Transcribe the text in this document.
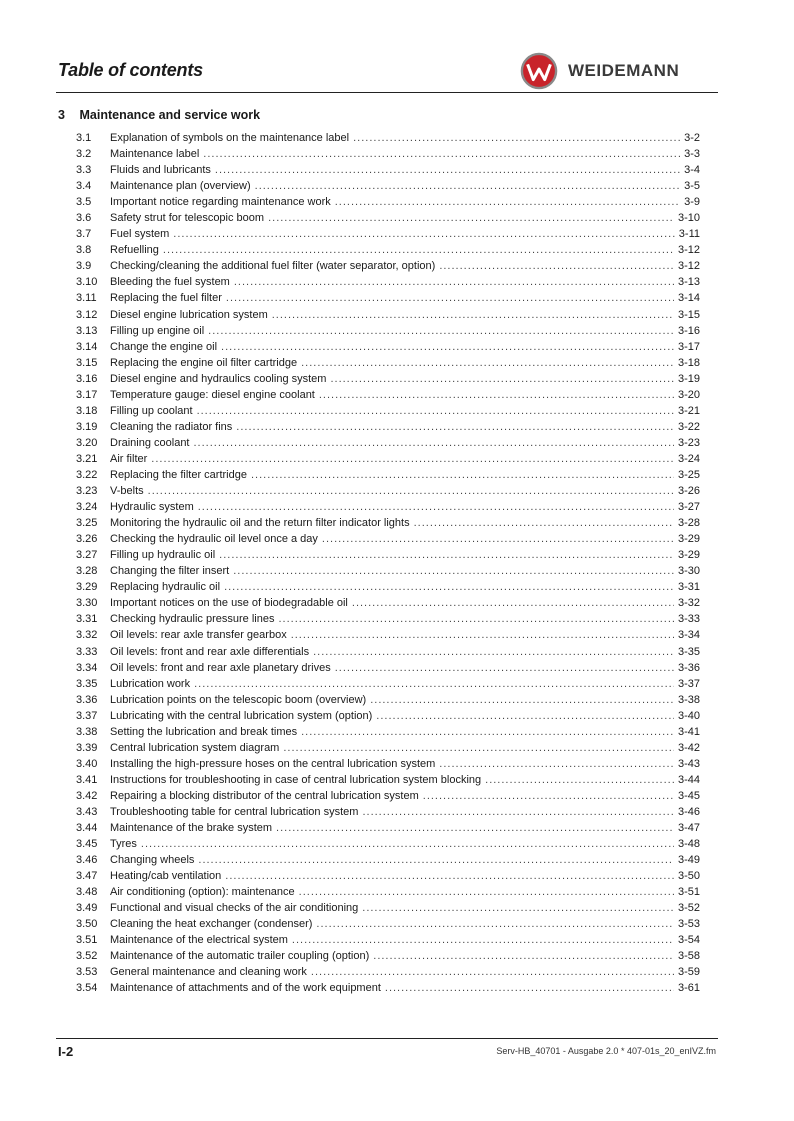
Table of contents	WEIDEMANN
3 Maintenance and service work
3.1	Explanation of symbols on the maintenance label .....	3-2
3.2	Maintenance label .....	3-3
3.3	Fluids and lubricants .....	3-4
3.4	Maintenance plan (overview) .....	3-5
3.5	Important notice regarding maintenance work .....	3-9
3.6	Safety strut for telescopic boom .....	3-10
3.7	Fuel system .....	3-11
3.8	Refuelling .....	3-12
3.9	Checking/cleaning the additional fuel filter (water separator, option) .....	3-12
3.10	Bleeding the fuel system .....	3-13
3.11	Replacing the fuel filter .....	3-14
3.12	Diesel engine lubrication system .....	3-15
3.13	Filling up engine oil .....	3-16
3.14	Change the engine oil .....	3-17
3.15	Replacing the engine oil filter cartridge .....	3-18
3.16	Diesel engine and hydraulics cooling system .....	3-19
3.17	Temperature gauge: diesel engine coolant .....	3-20
3.18	Filling up coolant .....	3-21
3.19	Cleaning the radiator fins .....	3-22
3.20	Draining coolant .....	3-23
3.21	Air filter .....	3-24
3.22	Replacing the filter cartridge .....	3-25
3.23	V-belts .....	3-26
3.24	Hydraulic system .....	3-27
3.25	Monitoring the hydraulic oil and the return filter indicator lights .....	3-28
3.26	Checking the hydraulic oil level once a day .....	3-29
3.27	Filling up hydraulic oil .....	3-29
3.28	Changing the filter insert .....	3-30
3.29	Replacing hydraulic oil .....	3-31
3.30	Important notices on the use of biodegradable oil .....	3-32
3.31	Checking hydraulic pressure lines .....	3-33
3.32	Oil levels: rear axle transfer gearbox .....	3-34
3.33	Oil levels: front and rear axle differentials .....	3-35
3.34	Oil levels: front and rear axle planetary drives .....	3-36
3.35	Lubrication work .....	3-37
3.36	Lubrication points on the telescopic boom (overview) .....	3-38
3.37	Lubricating with the central lubrication system (option) .....	3-40
3.38	Setting the lubrication and break times .....	3-41
3.39	Central lubrication system diagram .....	3-42
3.40	Installing the high-pressure hoses on the central lubrication system .....	3-43
3.41	Instructions for troubleshooting in case of central lubrication system blocking .....	3-44
3.42	Repairing a blocking distributor of the central lubrication system .....	3-45
3.43	Troubleshooting table for central lubrication system .....	3-46
3.44	Maintenance of the brake system .....	3-47
3.45	Tyres .....	3-48
3.46	Changing wheels .....	3-49
3.47	Heating/cab ventilation .....	3-50
3.48	Air conditioning (option): maintenance .....	3-51
3.49	Functional and visual checks of the air conditioning .....	3-52
3.50	Cleaning the heat exchanger (condenser) .....	3-53
3.51	Maintenance of the electrical system .....	3-54
3.52	Maintenance of the automatic trailer coupling (option) .....	3-58
3.53	General maintenance and cleaning work .....	3-59
3.54	Maintenance of attachments and of the work equipment .....	3-61
I-2	Serv-HB_40701 - Ausgabe 2.0 * 407-01s_20_enIVZ.fm
